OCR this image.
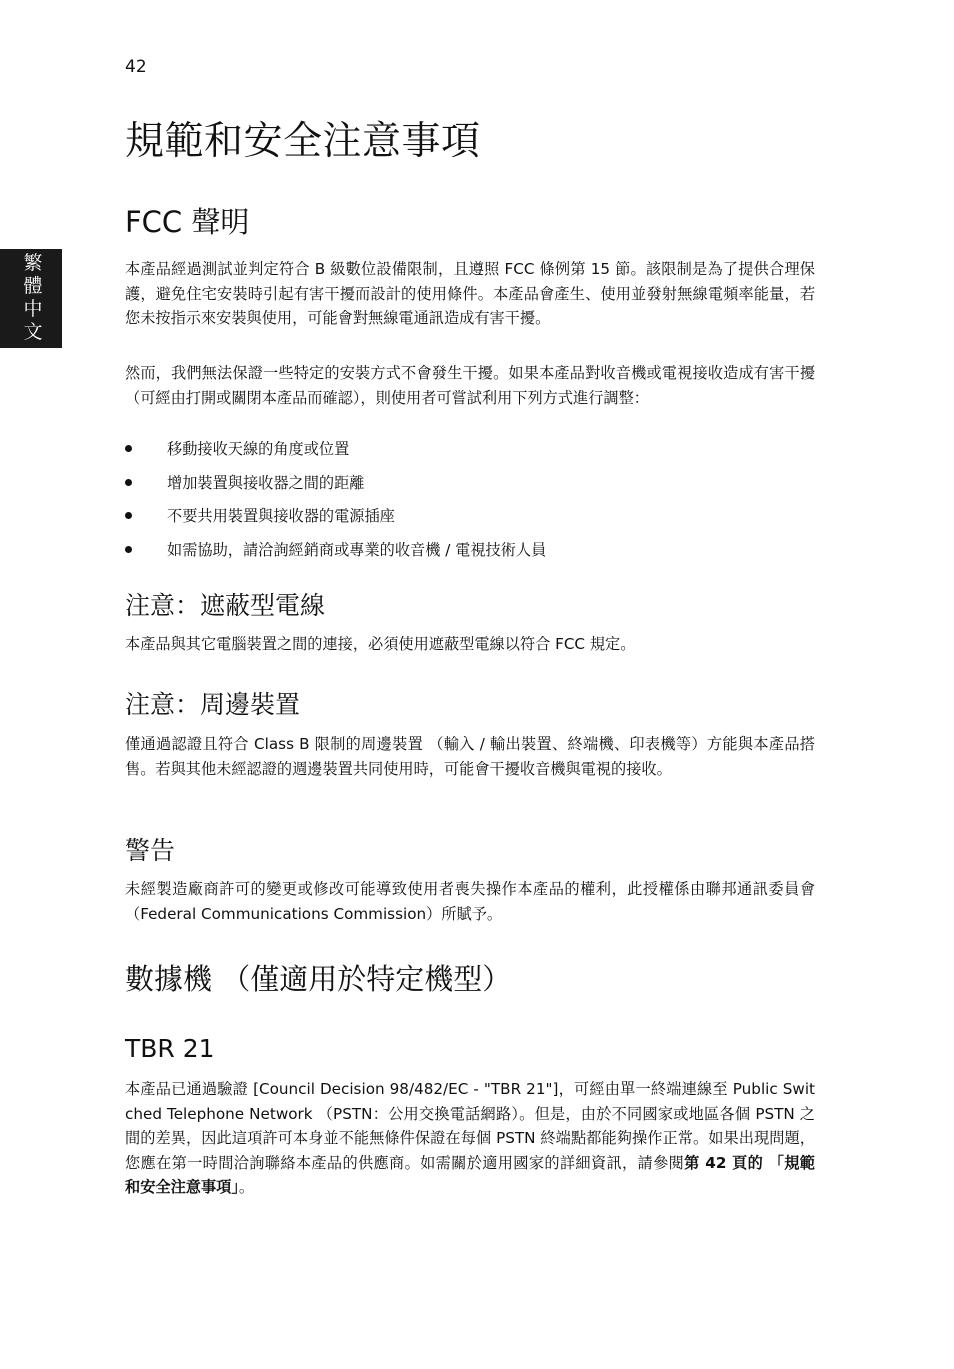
42
繁體中文
規範和安全注意事項
FCC 聲明

本產品經過測試並判定符合 B 級數位設備限制，且遵照 FCC 條例第 15 節。該限制是為了提供合理保護，避免住宅安裝時引起有害干擾而設計的使用條件。本產品會產生、使用並發射無線電頻率能量，若您未按指示來安裝與使用，可能會對無線電通訊造成有害干擾。

然而，我們無法保證一些特定的安裝方式不會發生干擾。如果本產品對收音機或電視接收造成有害干擾 （可經由打開或關閉本產品而確認），則使用者可嘗試利用下列方式進行調整：

移動接收天線的角度或位置
增加裝置與接收器之間的距離
不要共用裝置與接收器的電源插座
如需協助，請洽詢經銷商或專業的收音機 / 電視技術人員
注意：遮蔽型電線

本產品與其它電腦裝置之間的連接，必須使用遮蔽型電線以符合 FCC 規定。

注意：周邊裝置

僅通過認證且符合 Class B 限制的周邊裝置 （輸入 / 輸出裝置、終端機、印表機等）方能與本產品搭售。若與其他未經認證的週邊裝置共同使用時，可能會干擾收音機與電視的接收。

警告

未經製造廠商許可的變更或修改可能導致使用者喪失操作本產品的權利，此授權係由聯邦通訊委員會 （Federal Communications Commission）所賦予。

數據機 （僅適用於特定機型）
TBR 21

本產品已通過驗證 [Council Decision 98/482/EC - "TBR 21"]，可經由單一終端連線至 Public Switched Telephone Network （PSTN：公用交換電話網路）。但是，由於不同國家或地區各個 PSTN 之間的差異，因此這項許可本身並不能無條件保證在每個 PSTN 終端點都能夠操作正常。如果出現問題，您應在第一時間洽詢聯絡本產品的供應商。如需關於適用國家的詳細資訊，請參閱第 42 頁的 「規範和安全注意事項」。
